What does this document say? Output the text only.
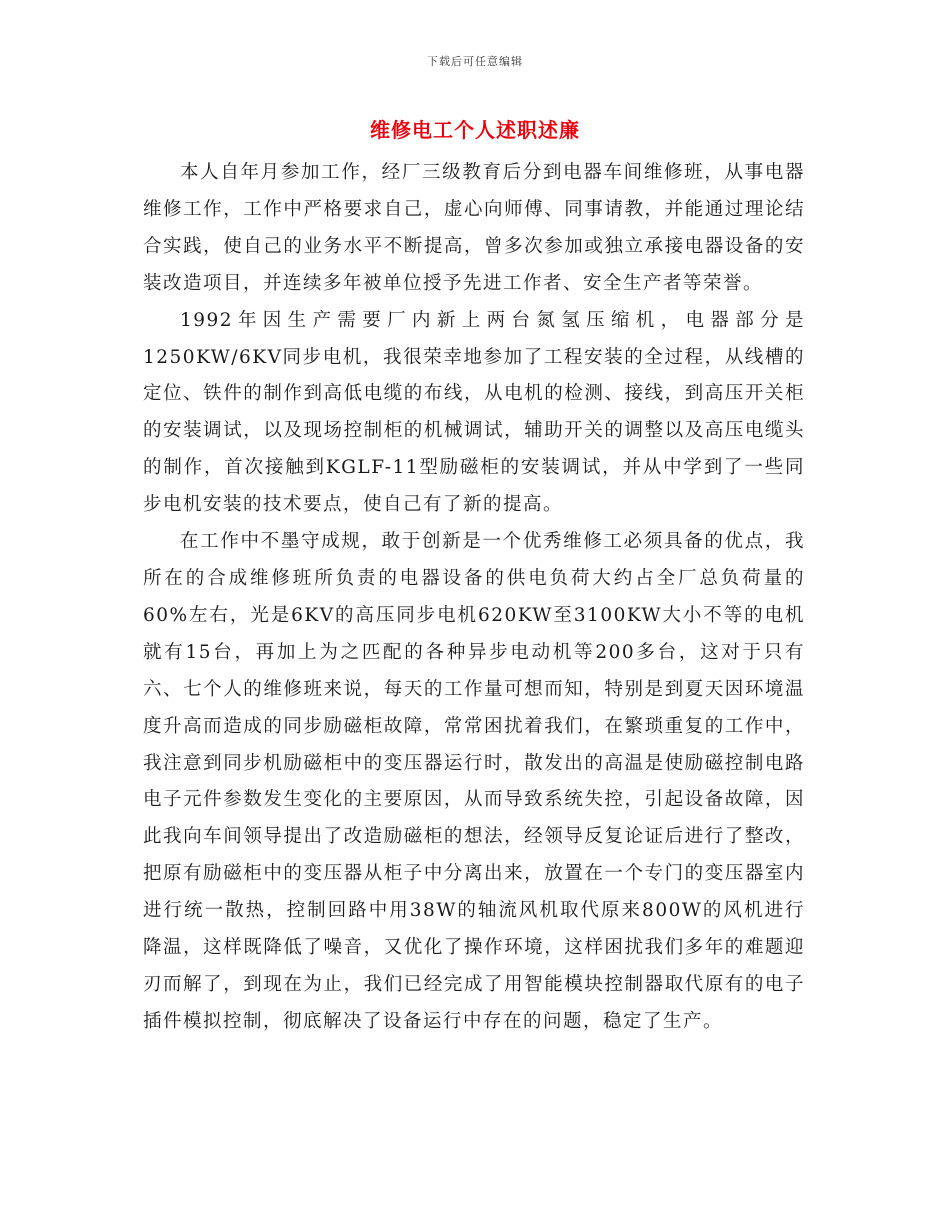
下载后可任意编辑
维修电工个人述职述廉

本人自年月参加工作，经厂三级教育后分到电器车间维修班，从事电器维修工作，工作中严格要求自己，虚心向师傅、同事请教，并能通过理论结合实践，使自己的业务水平不断提高，曾多次参加或独立承接电器设备的安装改造项目，并连续多年被单位授予先进工作者、安全生产者等荣誉。

1992年因生产需要厂内新上两台氮氢压缩机，电器部分是1250KW/6KV同步电机，我很荣幸地参加了工程安装的全过程，从线槽的定位、铁件的制作到高低电缆的布线，从电机的检测、接线，到高压开关柜的安装调试，以及现场控制柜的机械调试，辅助开关的调整以及高压电缆头的制作，首次接触到KGLF-11型励磁柜的安装调试，并从中学到了一些同步电机安装的技术要点，使自己有了新的提高。

在工作中不墨守成规，敢于创新是一个优秀维修工必须具备的优点，我所在的合成维修班所负责的电器设备的供电负荷大约占全厂总负荷量的60%左右，光是6KV的高压同步电机620KW至3100KW大小不等的电机就有15台，再加上为之匹配的各种异步电动机等200多台，这对于只有六、七个人的维修班来说，每天的工作量可想而知，特别是到夏天因环境温度升高而造成的同步励磁柜故障，常常困扰着我们，在繁琐重复的工作中，我注意到同步机励磁柜中的变压器运行时，散发出的高温是使励磁控制电路电子元件参数发生变化的主要原因，从而导致系统失控，引起设备故障，因此我向车间领导提出了改造励磁柜的想法，经领导反复论证后进行了整改，把原有励磁柜中的变压器从柜子中分离出来，放置在一个专门的变压器室内进行统一散热，控制回路中用38W的轴流风机取代原来800W的风机进行降温，这样既降低了噪音，又优化了操作环境，这样困扰我们多年的难题迎刃而解了，到现在为止，我们已经完成了用智能模块控制器取代原有的电子插件模拟控制，彻底解决了设备运行中存在的问题，稳定了生产。
